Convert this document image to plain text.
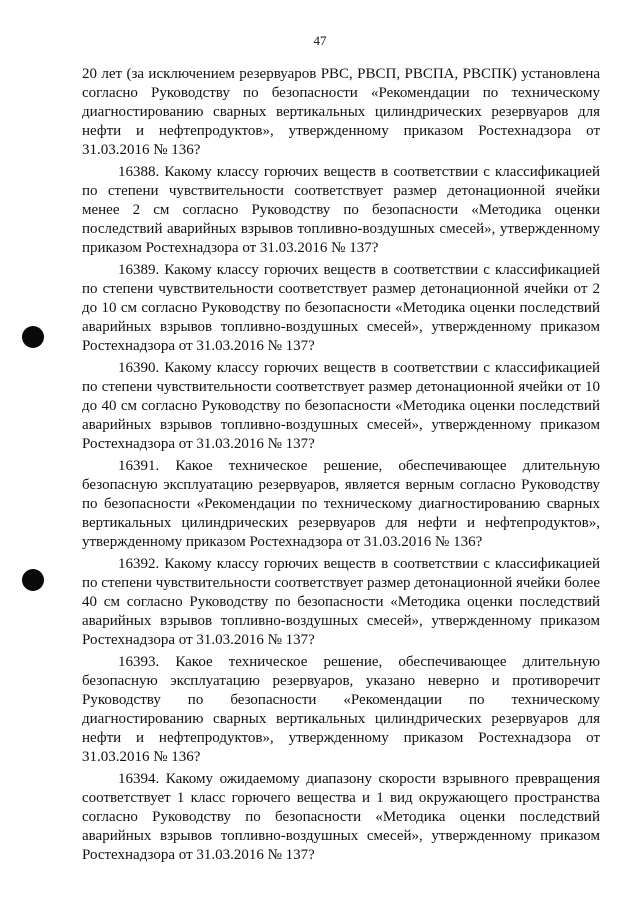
47

20 лет (за исключением резервуаров РВС, РВСП, РВСПА, РВСПК) установлена согласно Руководству по безопасности «Рекомендации по техническому диагностированию сварных вертикальных цилиндрических резервуаров для нефти и нефтепродуктов», утвержденному приказом Ростехнадзора от 31.03.2016 № 136?

16388. Какому классу горючих веществ в соответствии с классификацией по степени чувствительности соответствует размер детонационной ячейки менее 2 см согласно Руководству по безопасности «Методика оценки последствий аварийных взрывов топливно-воздушных смесей», утвержденному приказом Ростехнадзора от 31.03.2016 № 137?

16389. Какому классу горючих веществ в соответствии с классификацией по степени чувствительности соответствует размер детонационной ячейки от 2 до 10 см согласно Руководству по безопасности «Методика оценки последствий аварийных взрывов топливно-воздушных смесей», утвержденному приказом Ростехнадзора от 31.03.2016 № 137?

16390. Какому классу горючих веществ в соответствии с классификацией по степени чувствительности соответствует размер детонационной ячейки от 10 до 40 см согласно Руководству по безопасности «Методика оценки последствий аварийных взрывов топливно-воздушных смесей», утвержденному приказом Ростехнадзора от 31.03.2016 № 137?

16391. Какое техническое решение, обеспечивающее длительную безопасную эксплуатацию резервуаров, является верным согласно Руководству по безопасности «Рекомендации по техническому диагностированию сварных вертикальных цилиндрических резервуаров для нефти и нефтепродуктов», утвержденному приказом Ростехнадзора от 31.03.2016 № 136?

16392. Какому классу горючих веществ в соответствии с классификацией по степени чувствительности соответствует размер детонационной ячейки более 40 см согласно Руководству по безопасности «Методика оценки последствий аварийных взрывов топливно-воздушных смесей», утвержденному приказом Ростехнадзора от 31.03.2016 № 137?

16393. Какое техническое решение, обеспечивающее длительную безопасную эксплуатацию резервуаров, указано неверно и противоречит Руководству по безопасности «Рекомендации по техническому диагностированию сварных вертикальных цилиндрических резервуаров для нефти и нефтепродуктов», утвержденному приказом Ростехнадзора от 31.03.2016 № 136?

16394. Какому ожидаемому диапазону скорости взрывного превращения соответствует 1 класс горючего вещества и 1 вид окружающего пространства согласно Руководству по безопасности «Методика оценки последствий аварийных взрывов топливно-воздушных смесей», утвержденному приказом Ростехнадзора от 31.03.2016 № 137?
